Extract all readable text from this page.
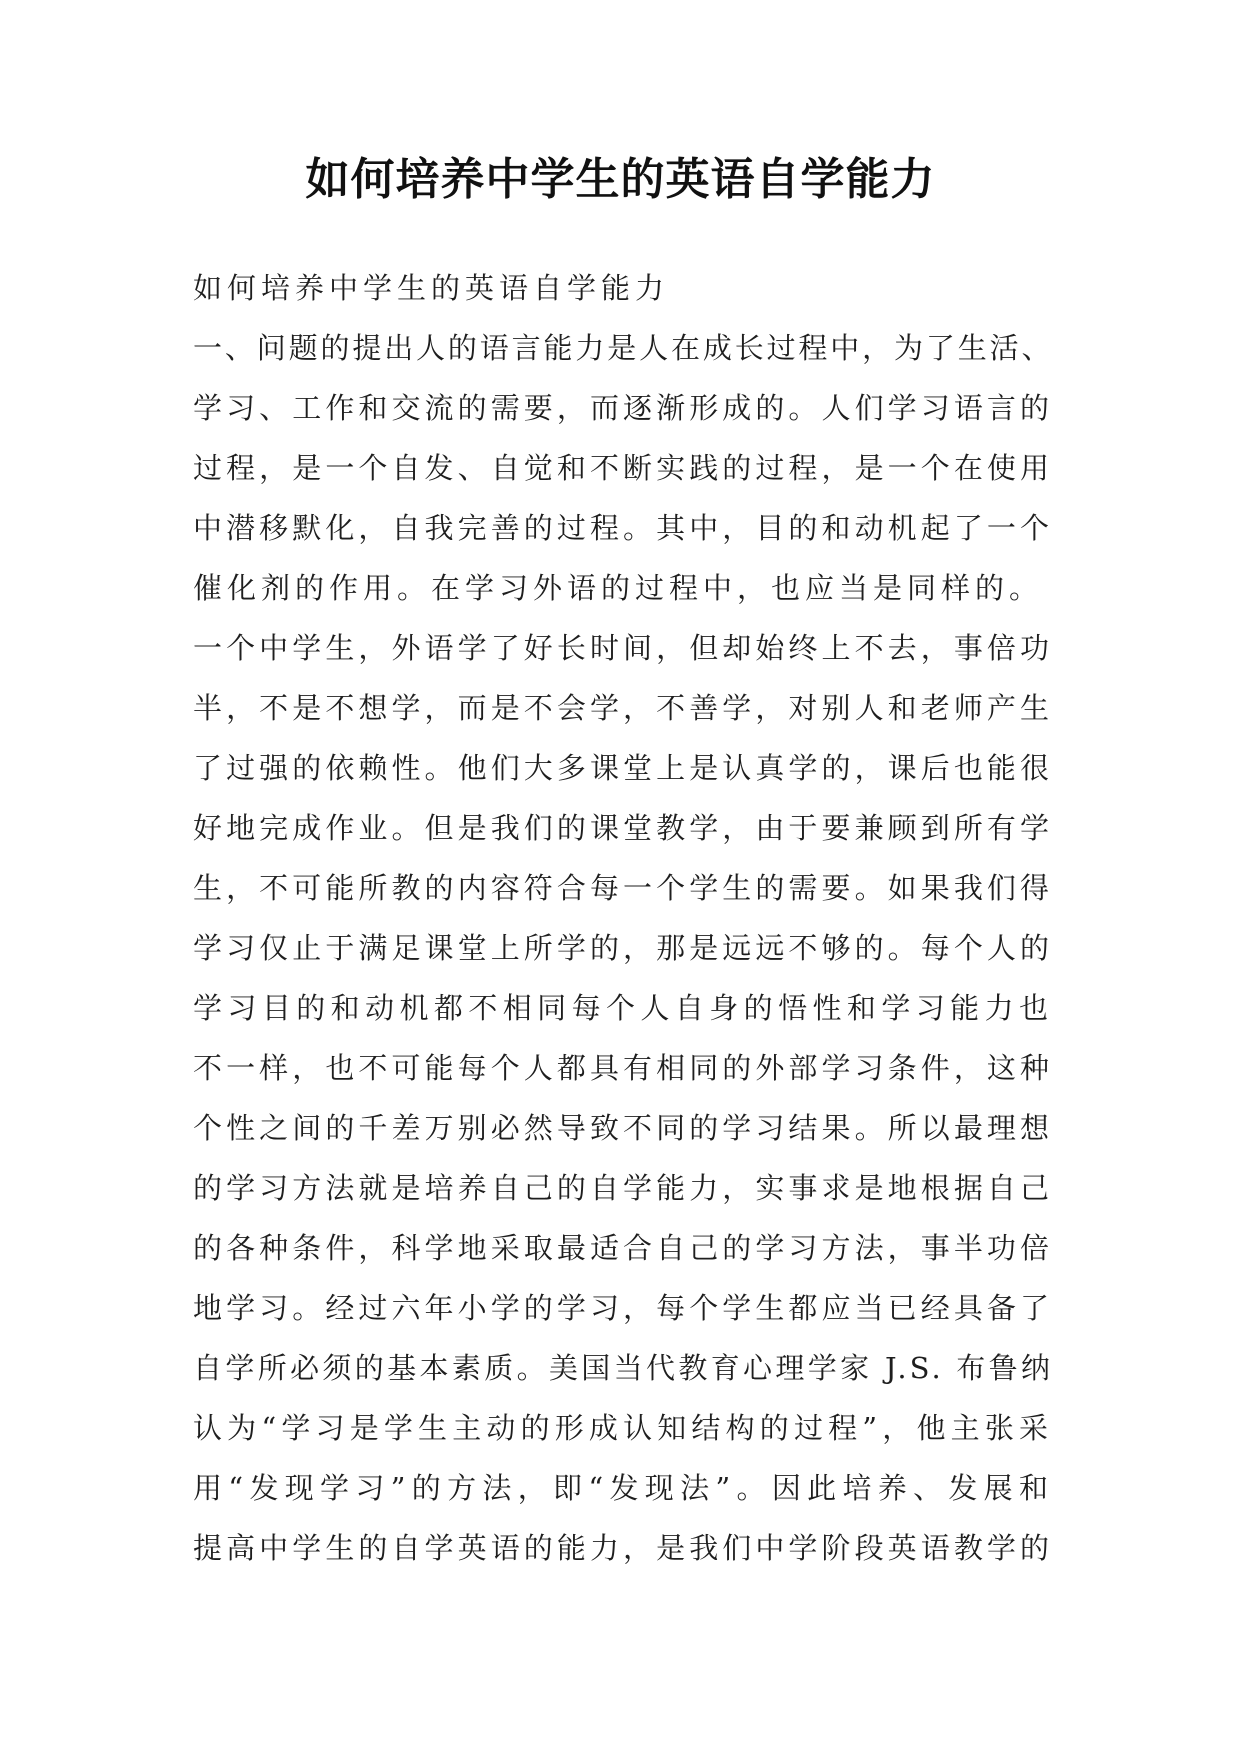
如何培养中学生的英语自学能力
如何培养中学生的英语自学能力
一、问题的提出人的语言能力是人在成长过程中，为了生活、
学习、工作和交流的需要，而逐渐形成的。人们学习语言的
过程，是一个自发、自觉和不断实践的过程，是一个在使用
中潜移默化，自我完善的过程。其中，目的和动机起了一个
催化剂的作用。在学习外语的过程中，也应当是同样的。
一个中学生，外语学了好长时间，但却始终上不去，事倍功
半，不是不想学，而是不会学，不善学，对别人和老师产生
了过强的依赖性。他们大多课堂上是认真学的，课后也能很
好地完成作业。但是我们的课堂教学，由于要兼顾到所有学
生，不可能所教的内容符合每一个学生的需要。如果我们得
学习仅止于满足课堂上所学的，那是远远不够的。每个人的
学习目的和动机都不相同每个人自身的悟性和学习能力也
不一样，也不可能每个人都具有相同的外部学习条件，这种
个性之间的千差万别必然导致不同的学习结果。所以最理想
的学习方法就是培养自己的自学能力，实事求是地根据自己
的各种条件，科学地采取最适合自己的学习方法，事半功倍
地学习。经过六年小学的学习，每个学生都应当已经具备了
自学所必须的基本素质。美国当代教育心理学家 J.S. 布鲁纳
认为“学习是学生主动的形成认知结构的过程”，他主张采
用“发现学习”的方法，即“发现法”。因此培养、发展和
提高中学生的自学英语的能力，是我们中学阶段英语教学的
